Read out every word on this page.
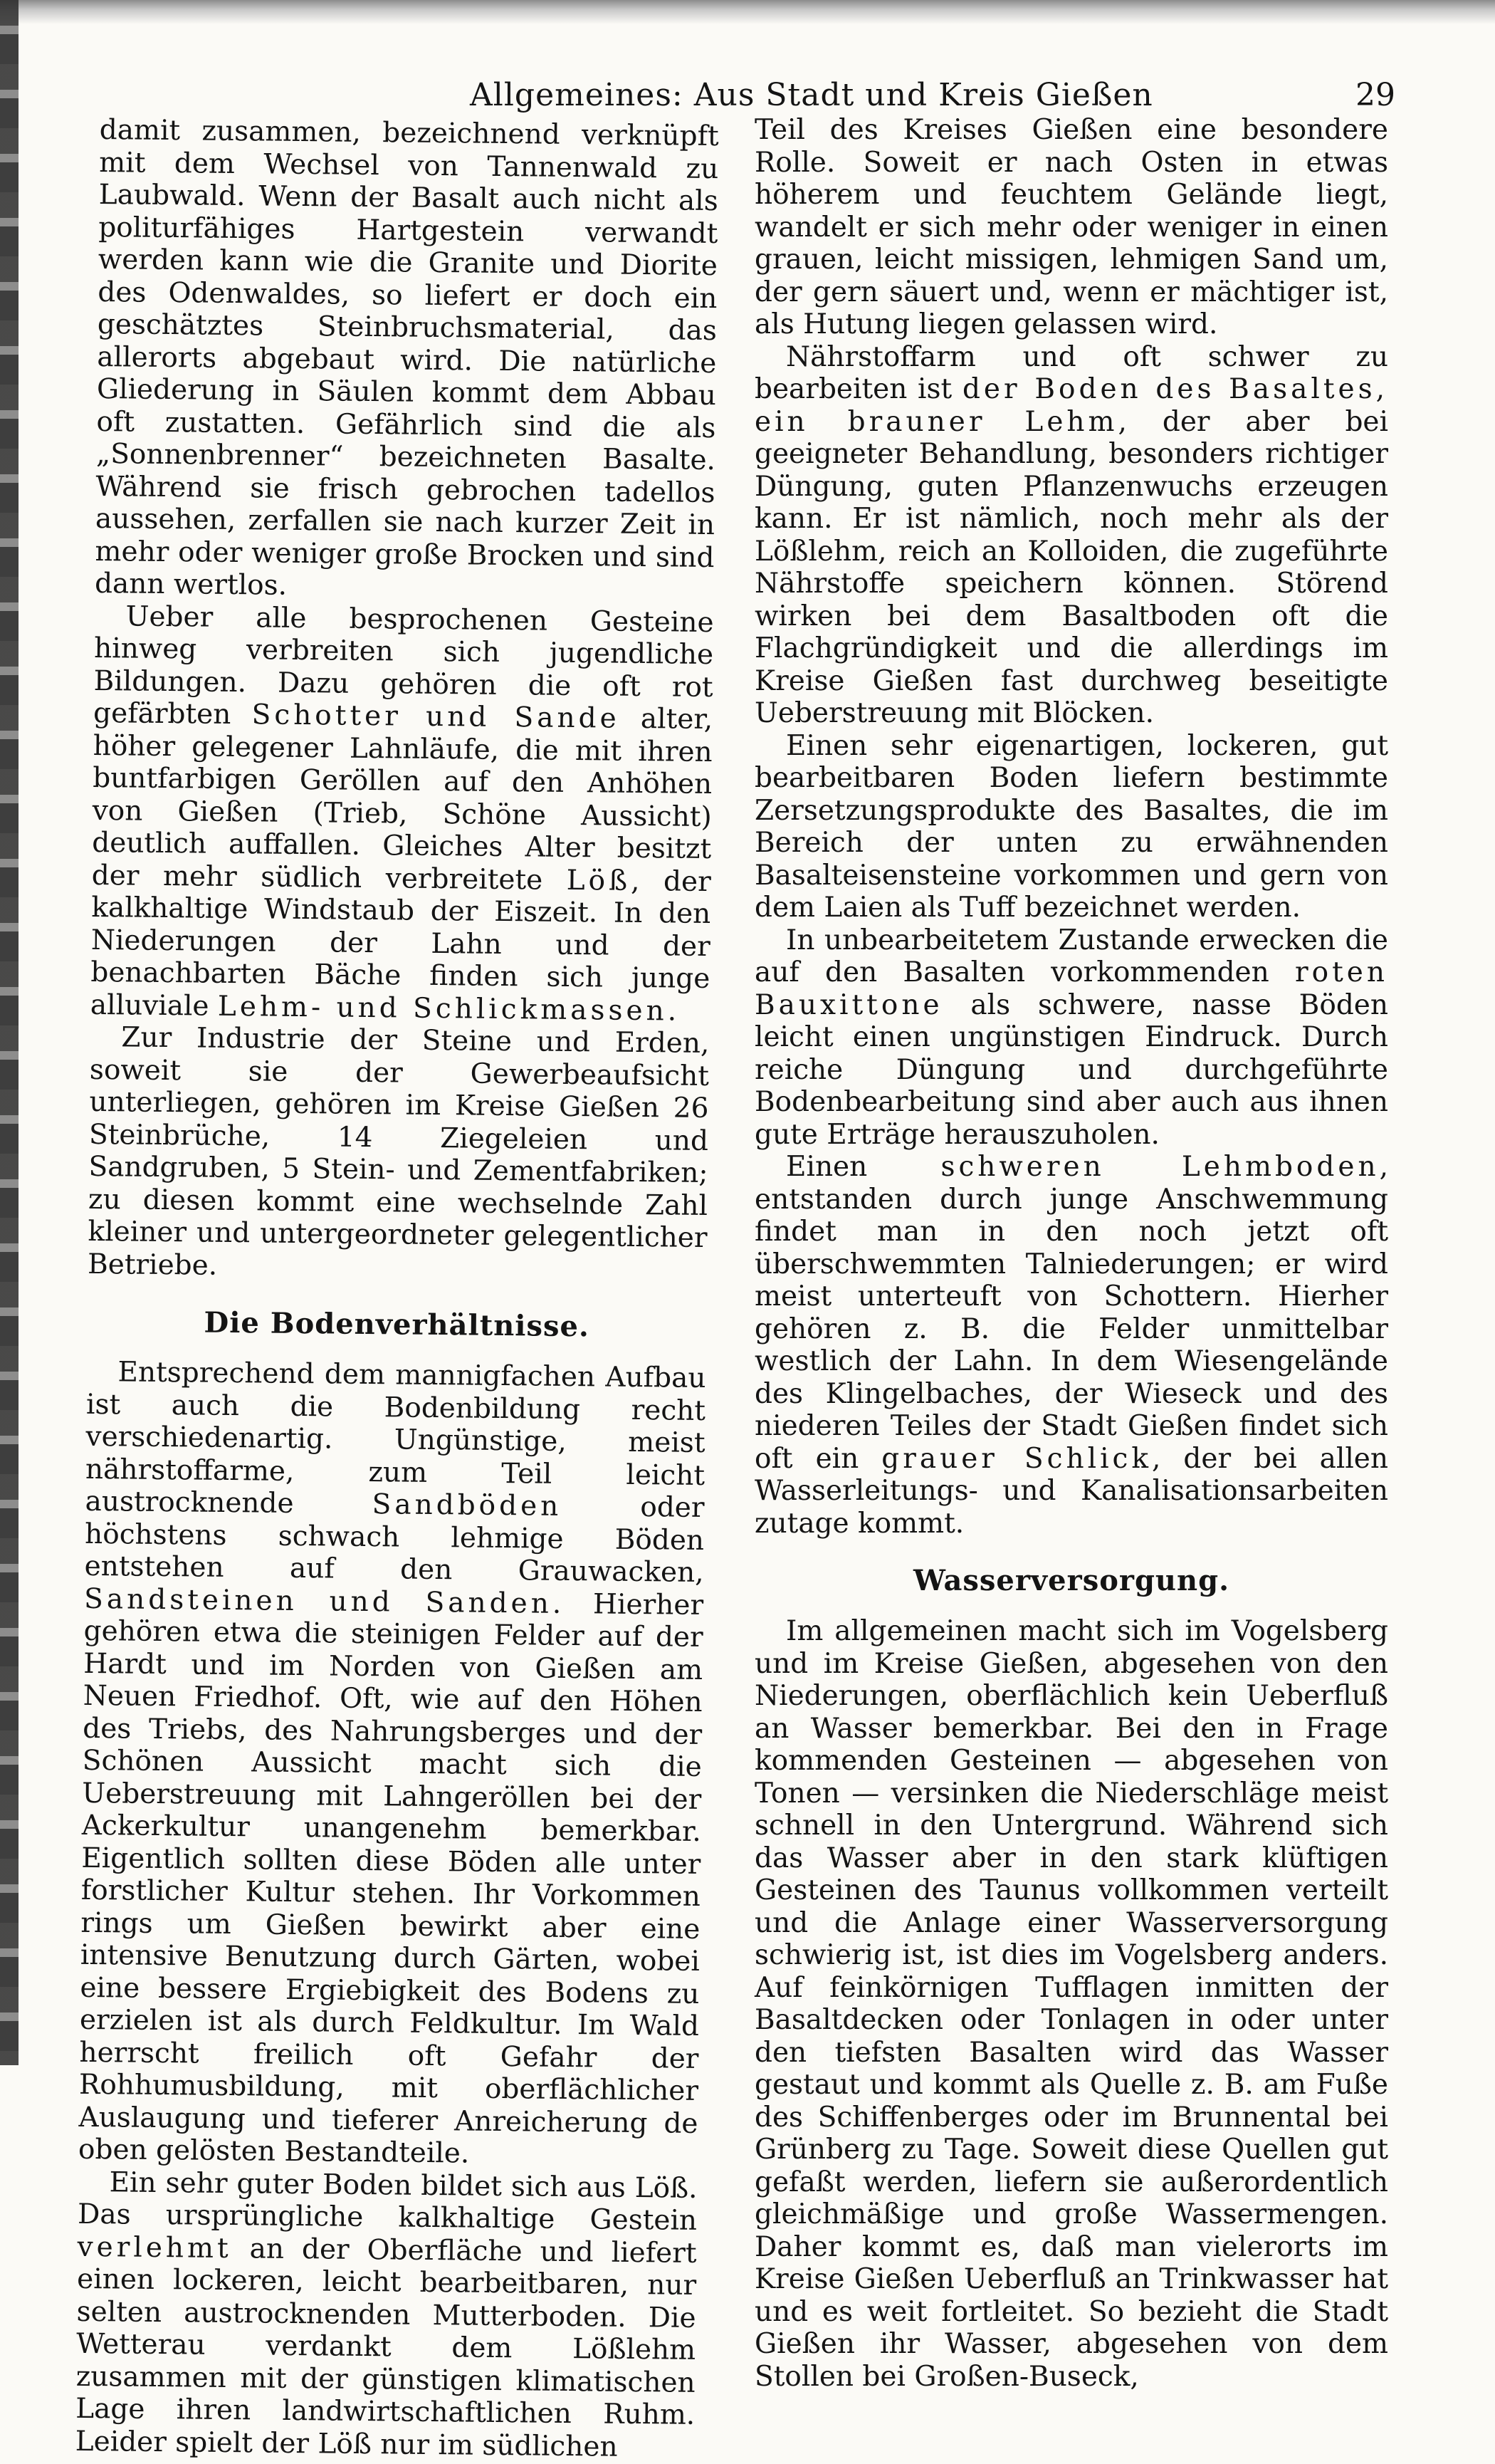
Allgemeines: Aus Stadt und Kreis Gießen	29

damit zusammen, bezeichnend verknüpft mit dem Wechsel von Tannenwald zu Laubwald. Wenn der Basalt auch nicht als politurfähiges Hartgestein verwandt werden kann wie die Granite und Diorite des Odenwaldes, so liefert er doch ein geschätztes Steinbruchsmaterial, das allerorts abgebaut wird. Die natürliche Gliederung in Säulen kommt dem Abbau oft zustatten. Gefährlich sind die als „Sonnenbrenner“ bezeichneten Basalte. Während sie frisch gebrochen tadellos aussehen, zerfallen sie nach kurzer Zeit in mehr oder weniger große Brocken und sind dann wertlos.

Ueber alle besprochenen Gesteine hinweg verbreiten sich jugendliche Bildungen. Dazu gehören die oft rot gefärbten Schotter und Sande alter, höher gelegener Lahnläufe, die mit ihren buntfarbigen Geröllen auf den Anhöhen von Gießen (Trieb, Schöne Aussicht) deutlich auffallen. Gleiches Alter besitzt der mehr südlich verbreitete Löß, der kalkhaltige Windstaub der Eiszeit. In den Niederungen der Lahn und der benachbarten Bäche finden sich junge alluviale Lehm- und Schlickmassen.

Zur Industrie der Steine und Erden, soweit sie der Gewerbeaufsicht unterliegen, gehören im Kreise Gießen 26 Steinbrüche, 14 Ziegeleien und Sandgruben, 5 Stein- und Zementfabriken; zu diesen kommt eine wechselnde Zahl kleiner und untergeordneter gelegentlicher Betriebe.

Die Bodenverhältnisse.

Entsprechend dem mannigfachen Aufbau ist auch die Bodenbildung recht verschiedenartig. Ungünstige, meist nährstoffarme, zum Teil leicht austrocknende	Sandböden	oder höchstens schwach lehmige Böden entstehen auf den Grauwacken, Sandsteinen und Sanden. Hierher gehören etwa die steinigen Felder auf der Hardt und im Norden von Gießen am Neuen Friedhof. Oft, wie auf den Höhen des Triebs, des Nahrungsberges und der Schönen Aussicht macht sich die Ueberstreuung mit Lahngeröllen bei der Ackerkultur unangenehm bemerkbar. Eigentlich sollten diese Böden alle unter forstlicher Kultur stehen. Ihr Vorkommen rings um Gießen bewirkt aber eine intensive Benutzung durch Gärten, wobei eine bessere Ergiebigkeit des Bodens zu erzielen ist als durch Feldkultur. Im Wald herrscht freilich oft Gefahr der Rohhumusbildung, mit oberflächlicher Auslaugung und tieferer Anreicherung de oben gelösten Bestandteile.

Ein sehr guter Boden bildet sich aus Löß. Das ursprüngliche kalkhaltige Gestein verlehmt an der Oberfläche und liefert einen lockeren, leicht bearbeitbaren, nur selten austrocknenden Mutterboden. Die Wetterau verdankt dem Lößlehm zusammen mit der günstigen klimatischen Lage ihren landwirtschaftlichen Ruhm. Leider spielt der Löß nur im südlichen

Teil des Kreises Gießen eine besondere Rolle. Soweit er nach Osten in etwas höherem und feuchtem Gelände liegt, wandelt er sich mehr oder weniger in einen grauen, leicht missigen, lehmigen Sand um, der gern säuert und, wenn er mächtiger ist, als Hutung liegen gelassen wird.

Nährstoffarm und oft schwer zu bearbeiten ist der Boden des Basaltes, ein brauner Lehm, der aber bei geeigneter Behandlung, besonders richtiger Düngung, guten Pflanzenwuchs erzeugen kann. Er ist nämlich, noch mehr als der Lößlehm, reich an Kolloiden, die zugeführte Nährstoffe speichern können. Störend wirken bei dem Basaltboden oft die Flachgründigkeit und die allerdings im Kreise Gießen fast durchweg beseitigte Ueberstreuung mit Blöcken.

Einen sehr eigenartigen, lockeren, gut bearbeitbaren Boden liefern bestimmte Zersetzungsprodukte des Basaltes, die im Bereich der unten zu erwähnenden Basalteisensteine vorkommen und gern von dem Laien als Tuff bezeichnet werden.

In unbearbeitetem Zustande erwecken die auf den Basalten vorkommenden roten Bauxittone als schwere, nasse Böden leicht einen ungünstigen Eindruck. Durch reiche Düngung und durchgeführte Bodenbearbeitung sind aber auch aus ihnen gute Erträge herauszuholen.

Einen	schweren Lehmboden, entstanden durch junge Anschwemmung findet man in den noch jetzt oft überschwemmten Talniederungen; er wird meist unterteuft von Schottern. Hierher gehören z. B. die Felder unmittelbar westlich der Lahn. In dem Wiesengelände des Klingelbaches, der Wieseck und des niederen Teiles der Stadt Gießen findet sich oft ein grauer Schlick, der bei allen Wasserleitungs- und Kanalisationsarbeiten zutage kommt.

Wasserversorgung.

Im allgemeinen macht sich im Vogelsberg und im Kreise Gießen, abgesehen von den Niederungen, oberflächlich kein Ueberfluß an Wasser bemerkbar. Bei den in Frage kommenden Gesteinen — abgesehen von Tonen — versinken die Niederschläge meist schnell in den Untergrund. Während sich das Wasser aber in den stark klüftigen Gesteinen des Taunus vollkommen verteilt und die Anlage einer Wasserversorgung schwierig ist, ist dies im Vogelsberg anders. Auf feinkörnigen Tufflagen inmitten der Basaltdecken oder Tonlagen in oder unter den tiefsten Basalten wird das Wasser gestaut und kommt als Quelle z. B. am Fuße des Schiffenberges oder im Brunnental bei Grünberg zu Tage. Soweit diese Quellen gut gefaßt werden, liefern sie außerordentlich gleichmäßige und große Wassermengen. Daher kommt es, daß man vielerorts im Kreise Gießen Ueberfluß an Trinkwasser hat und es weit fortleitet. So bezieht die Stadt Gießen ihr Wasser, abgesehen von dem Stollen bei Großen-Buseck,
